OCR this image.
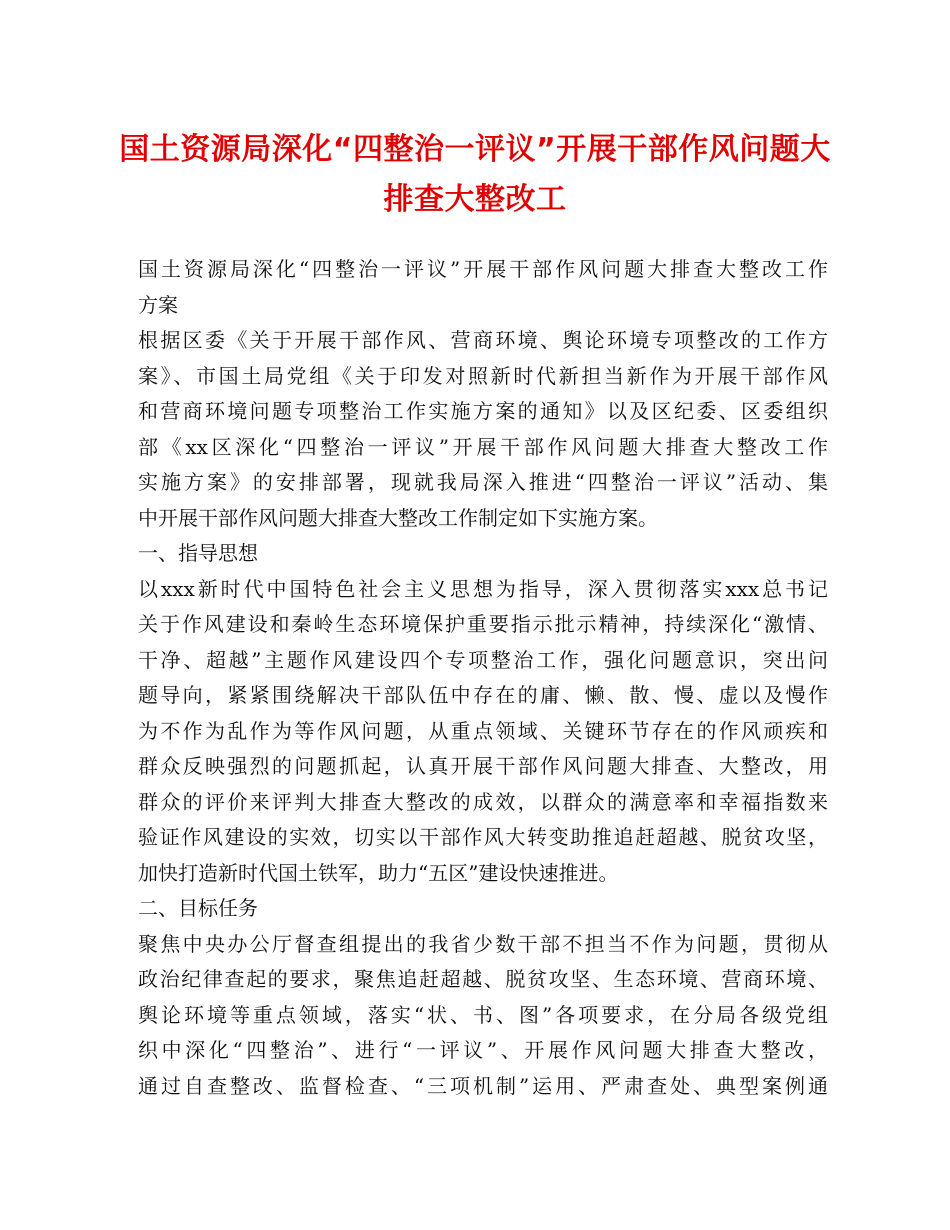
国土资源局深化“四整治一评议”开展干部作风问题大
排查大整改工
国土资源局深化“四整治一评议”开展干部作风问题大排查大整改工作
方案
根据区委《关于开展干部作风、营商环境、舆论环境专项整改的工作方
案》、市国土局党组《关于印发对照新时代新担当新作为开展干部作风
和营商环境问题专项整治工作实施方案的通知》以及区纪委、区委组织
部《xx区深化“四整治一评议”开展干部作风问题大排查大整改工作
实施方案》的安排部署，现就我局深入推进“四整治一评议”活动、集
中开展干部作风问题大排查大整改工作制定如下实施方案。
一、指导思想
以xxx新时代中国特色社会主义思想为指导，深入贯彻落实xxx总书记
关于作风建设和秦岭生态环境保护重要指示批示精神，持续深化“激情、
干净、超越”主题作风建设四个专项整治工作，强化问题意识，突出问
题导向，紧紧围绕解决干部队伍中存在的庸、懒、散、慢、虚以及慢作
为不作为乱作为等作风问题，从重点领域、关键环节存在的作风顽疾和
群众反映强烈的问题抓起，认真开展干部作风问题大排查、大整改，用
群众的评价来评判大排查大整改的成效，以群众的满意率和幸福指数来
验证作风建设的实效，切实以干部作风大转变助推追赶超越、脱贫攻坚，
加快打造新时代国土铁军，助力“五区”建设快速推进。
二、目标任务
聚焦中央办公厅督查组提出的我省少数干部不担当不作为问题，贯彻从
政治纪律查起的要求，聚焦追赶超越、脱贫攻坚、生态环境、营商环境、
舆论环境等重点领域，落实“状、书、图”各项要求，在分局各级党组
织中深化“四整治”、进行“一评议”、开展作风问题大排查大整改，
通过自查整改、监督检查、“三项机制”运用、严肃查处、典型案例通
